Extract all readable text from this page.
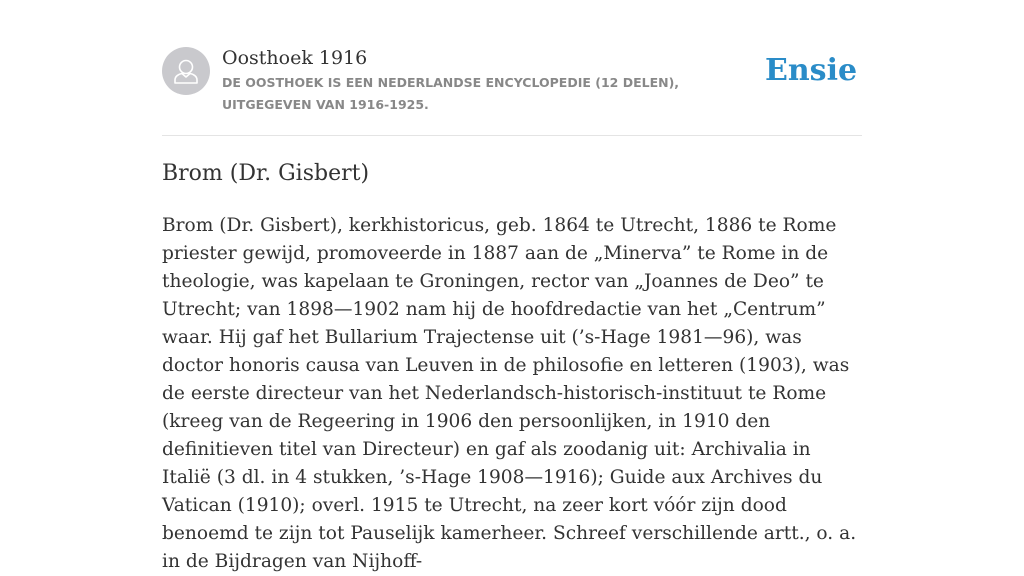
Oosthoek 1916
DE OOSTHOEK IS EEN NEDERLANDSE ENCYCLOPEDIE (12 DELEN), UITGEGEVEN VAN 1916-1925.
Ensie
Brom (Dr. Gisbert)

Brom (Dr. Gisbert), kerkhistoricus, geb. 1864 te Utrecht, 1886 te Rome priester gewijd, promoveerde in 1887 aan de „Minerva” te Rome in de theologie, was kapelaan te Groningen, rector van „Joannes de Deo” te Utrecht; van 1898—1902 nam hij de hoofdredactie van het „Centrum” waar. Hij gaf het Bullarium Trajectense uit (’s-Hage 1981—96), was doctor honoris causa van Leuven in de philosofie en letteren (1903), was de eerste directeur van het Nederlandsch-historisch-instituut te Rome (kreeg van de Regeering in 1906 den persoonlijken, in 1910 den definitieven titel van Directeur) en gaf als zoodanig uit: Archivalia in Italië (3 dl. in 4 stukken, ’s-Hage 1908—1916); Guide aux Archives du Vatican (1910); overl. 1915 te Utrecht, na zeer kort vóór zijn dood benoemd te zijn tot Pauselijk kamerheer. Schreef verschillende artt., o. a. in de Bijdragen van Nijhoff-
